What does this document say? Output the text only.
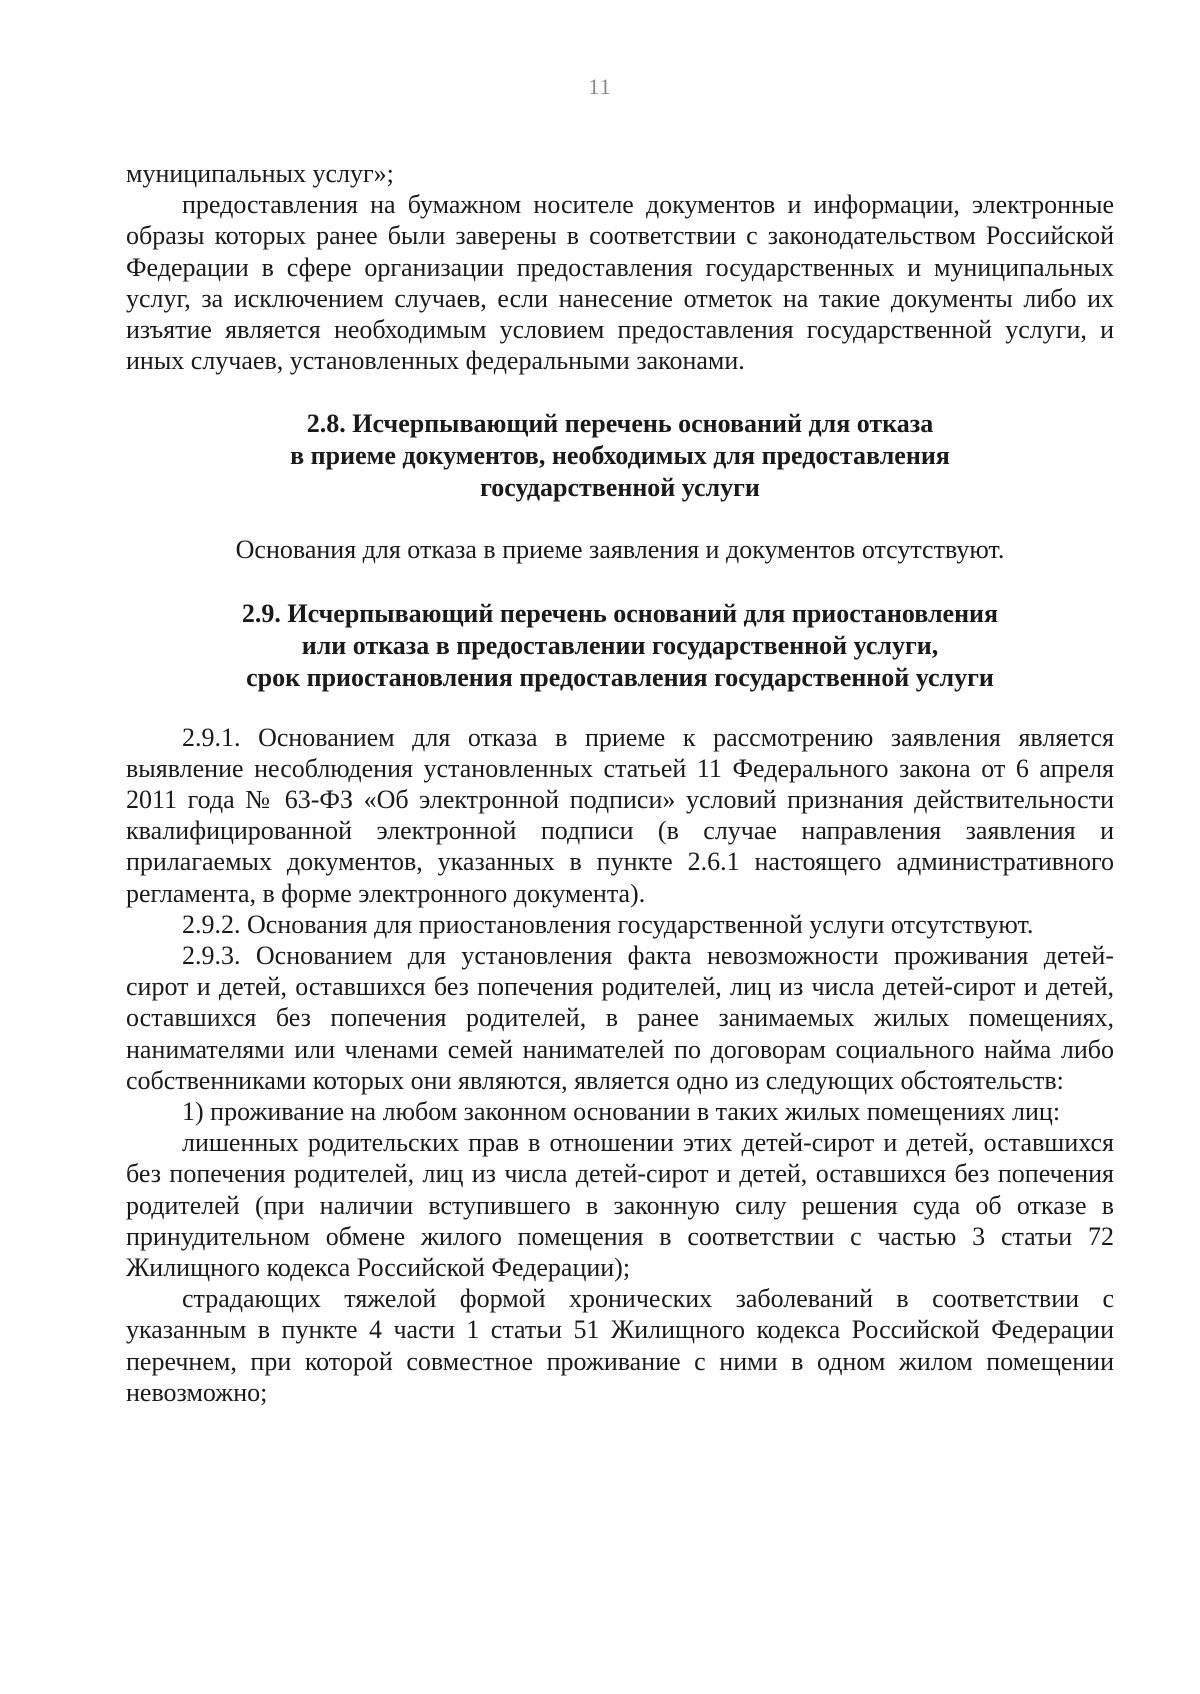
11

муниципальных услуг»;

предоставления на бумажном носителе документов и информации, электронные образы которых ранее были заверены в соответствии с законодательством Российской Федерации в сфере организации предоставления государственных и муниципальных услуг, за исключением случаев, если нанесение отметок на такие документы либо их изъятие является необходимым условием предоставления государственной услуги, и иных случаев, установленных федеральными законами.

2.8. Исчерпывающий перечень оснований для отказа
в приеме документов, необходимых для предоставления
государственной услуги

Основания для отказа в приеме заявления и документов отсутствуют.

2.9. Исчерпывающий перечень оснований для приостановления
или отказа в предоставлении государственной услуги,
срок приостановления предоставления государственной услуги

2.9.1. Основанием для отказа в приеме к рассмотрению заявления является выявление несоблюдения установленных статьей 11 Федерального закона от 6 апреля 2011 года № 63-ФЗ «Об электронной подписи» условий признания действительности квалифицированной электронной подписи (в случае направления заявления и прилагаемых документов, указанных в пункте 2.6.1 настоящего административного регламента, в форме электронного документа).

2.9.2. Основания для приостановления государственной услуги отсутствуют.

2.9.3. Основанием для установления факта невозможности проживания детей-сирот и детей, оставшихся без попечения родителей, лиц из числа детей-сирот и детей, оставшихся без попечения родителей, в ранее занимаемых жилых помещениях, нанимателями или членами семей нанимателей по договорам социального найма либо собственниками которых они являются, является одно из следующих обстоятельств:

1) проживание на любом законном основании в таких жилых помещениях лиц:

лишенных родительских прав в отношении этих детей-сирот и детей, оставшихся без попечения родителей, лиц из числа детей-сирот и детей, оставшихся без попечения родителей (при наличии вступившего в законную силу решения суда об отказе в принудительном обмене жилого помещения в соответствии с частью 3 статьи 72 Жилищного кодекса Российской Федерации);

страдающих тяжелой формой хронических заболеваний в соответствии с указанным в пункте 4 части 1 статьи 51 Жилищного кодекса Российской Федерации перечнем, при которой совместное проживание с ними в одном жилом помещении невозможно;
